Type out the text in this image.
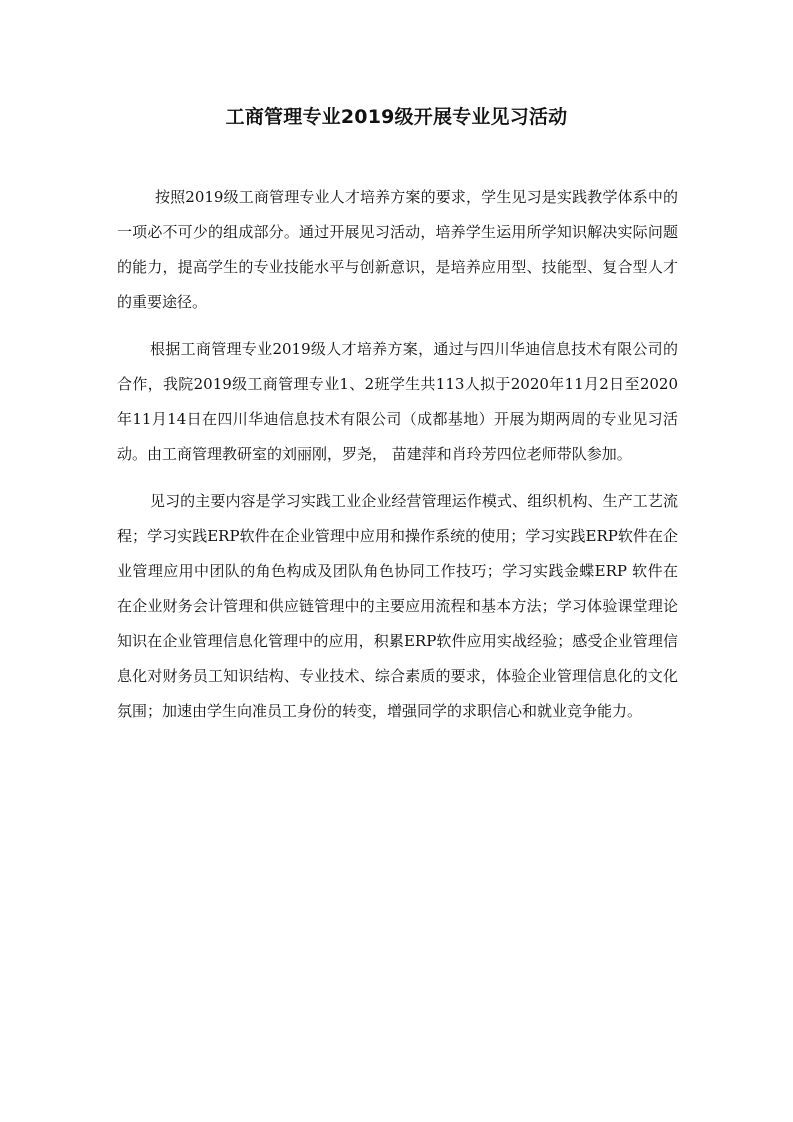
工商管理专业2019级开展专业见习活动

按照2019级工商管理专业人才培养方案的要求，学生见习是实践教学体系中的一项必不可少的组成部分。通过开展见习活动，培养学生运用所学知识解决实际问题的能力，提高学生的专业技能水平与创新意识，是培养应用型、技能型、复合型人才的重要途径。

根据工商管理专业2019级人才培养方案，通过与四川华迪信息技术有限公司的合作，我院2019级工商管理专业1、2班学生共113人拟于2020年11月2日至2020年11月14日在四川华迪信息技术有限公司（成都基地）开展为期两周的专业见习活动。由工商管理教研室的刘丽刚，罗尧， 苗建萍和肖玲芳四位老师带队参加。

见习的主要内容是学习实践工业企业经营管理运作模式、组织机构、生产工艺流程；学习实践ERP软件在企业管理中应用和操作系统的使用；学习实践ERP软件在企业管理应用中团队的角色构成及团队角色协同工作技巧；学习实践金蝶ERP 软件在在企业财务会计管理和供应链管理中的主要应用流程和基本方法；学习体验课堂理论知识在企业管理信息化管理中的应用，积累ERP软件应用实战经验；感受企业管理信息化对财务员工知识结构、专业技术、综合素质的要求，体验企业管理信息化的文化氛围；加速由学生向准员工身份的转变，增强同学的求职信心和就业竞争能力。
